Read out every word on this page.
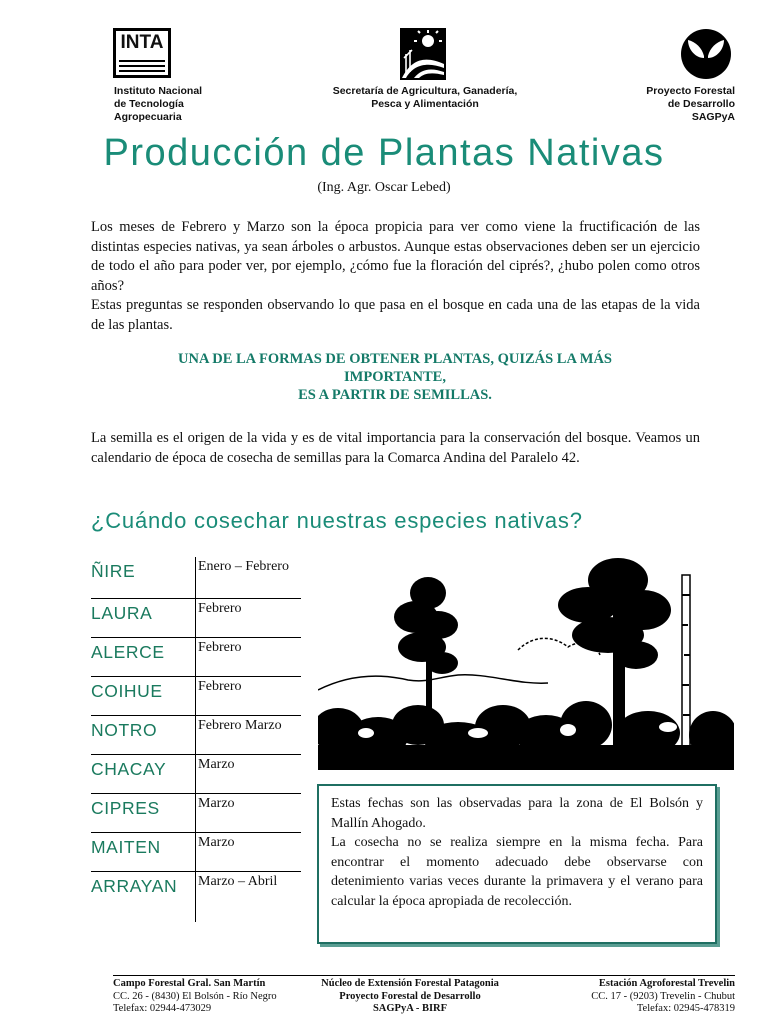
INTA
Instituto Nacional
de Tecnología
Agropecuaria
Secretaría de Agricultura, Ganadería,
Pesca y Alimentación
Proyecto Forestal
de Desarrollo
SAGPyA
Producción de Plantas Nativas
(Ing. Agr. Oscar Lebed)

Los meses de Febrero y Marzo son la época propicia para ver como viene la fructificación de las distintas especies nativas, ya sean árboles o arbustos. Aunque estas observaciones deben ser un ejercicio de todo el año para poder ver, por ejemplo, ¿cómo fue la floración del ciprés?, ¿hubo polen como otros años?

Estas preguntas se responden observando lo que pasa en el bosque en cada una de las etapas de la vida de las plantas.

UNA DE LA FORMAS DE OBTENER PLANTAS, QUIZÁS LA MÁS
IMPORTANTE,
ES A PARTIR DE SEMILLAS.

La semilla es el origen de la vida y es de vital importancia para la conservación del bosque. Veamos un calendario de época de cosecha de semillas para la Comarca Andina del Paralelo 42.

¿Cuándo cosechar nuestras especies nativas?
ÑIRE	Enero – Febrero
LAURA	Febrero
ALERCE Febrero
COIHUE	Febrero
NOTRO	Febrero Marzo
CHACAY Marzo
CIPRES	Marzo
MAITEN	Marzo
ARRAYAN Marzo – Abril

Estas fechas son las observadas para la zona de El Bolsón y Mallín Ahogado.

La cosecha no se realiza siempre en la misma fecha. Para encontrar el momento adecuado debe observarse con detenimiento varias veces durante la primavera y el verano para calcular la época apropiada de recolección.

Campo Forestal Gral. San Martín
CC. 26 - (8430) El Bolsón - Río Negro
Telefax: 02944-473029
Núcleo de Extensión Forestal Patagonia
Proyecto Forestal de Desarrollo
SAGPyA - BIRF
Estación Agroforestal Trevelin
CC. 17 - (9203) Trevelin - Chubut
Telefax: 02945-478319
